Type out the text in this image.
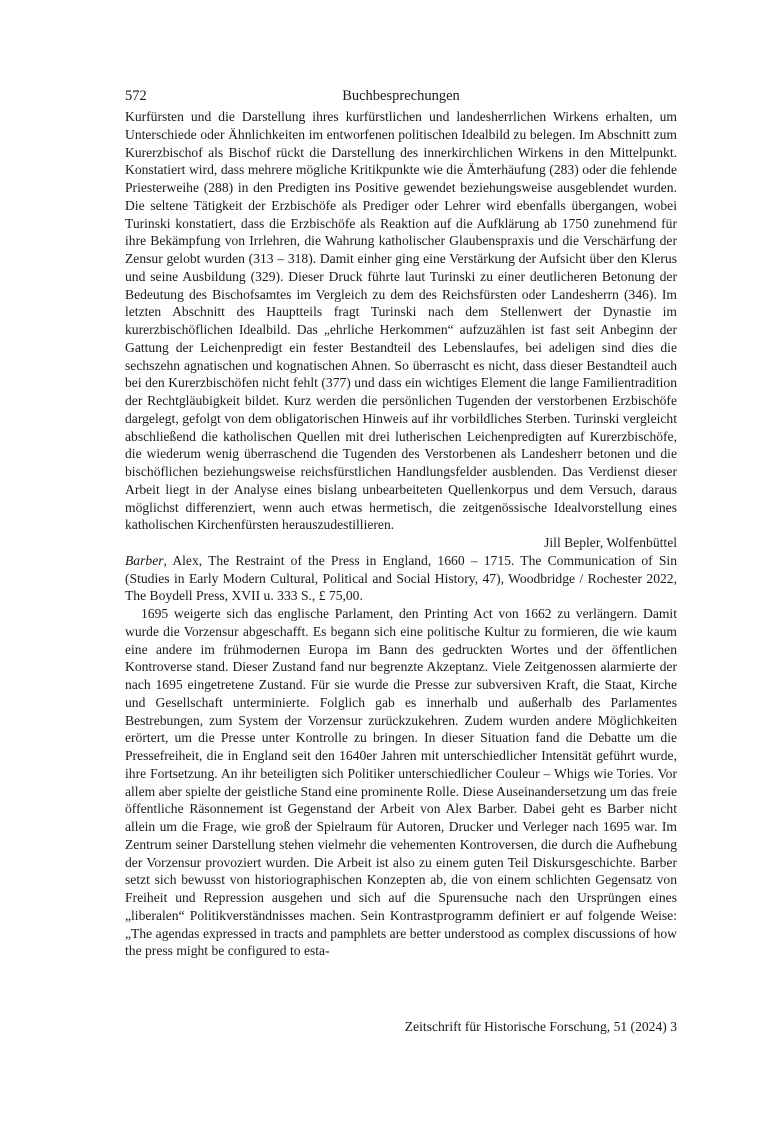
572	Buchbesprechungen

Kurfürsten und die Darstellung ihres kurfürstlichen und landesherrlichen Wirkens erhalten, um Unterschiede oder Ähnlichkeiten im entworfenen politischen Idealbild zu belegen. Im Abschnitt zum Kurerzbischof als Bischof rückt die Darstellung des innerkirchlichen Wirkens in den Mittelpunkt. Konstatiert wird, dass mehrere mögliche Kritikpunkte wie die Ämterhäufung (283) oder die fehlende Priesterweihe (288) in den Predigten ins Positive gewendet beziehungsweise ausgeblendet wurden. Die seltene Tätigkeit der Erzbischöfe als Prediger oder Lehrer wird ebenfalls übergangen, wobei Turinski konstatiert, dass die Erzbischöfe als Reaktion auf die Aufklärung ab 1750 zunehmend für ihre Bekämpfung von Irrlehren, die Wahrung katholischer Glaubenspraxis und die Verschärfung der Zensur gelobt wurden (313 – 318). Damit einher ging eine Verstärkung der Aufsicht über den Klerus und seine Ausbildung (329). Dieser Druck führte laut Turinski zu einer deutlicheren Betonung der Bedeutung des Bischofsamtes im Vergleich zu dem des Reichsfürsten oder Landesherrn (346). Im letzten Abschnitt des Hauptteils fragt Turinski nach dem Stellenwert der Dynastie im kurerzbischöflichen Idealbild. Das „ehrliche Herkommen“ aufzuzählen ist fast seit Anbeginn der Gattung der Leichenpredigt ein fester Bestandteil des Lebenslaufes, bei adeligen sind dies die sechszehn agnatischen und kognatischen Ahnen. So überrascht es nicht, dass dieser Bestandteil auch bei den Kurerzbischöfen nicht fehlt (377) und dass ein wichtiges Element die lange Familientradition der Rechtgläubigkeit bildet. Kurz werden die persönlichen Tugenden der verstorbenen Erzbischöfe dargelegt, gefolgt von dem obligatorischen Hinweis auf ihr vorbildliches Sterben. Turinski vergleicht abschließend die katholischen Quellen mit drei lutherischen Leichenpredigten auf Kurerzbischöfe, die wiederum wenig überraschend die Tugenden des Verstorbenen als Landesherr betonen und die bischöflichen beziehungsweise reichsfürstlichen Handlungsfelder ausblenden. Das Verdienst dieser Arbeit liegt in der Analyse eines bislang unbearbeiteten Quellenkorpus und dem Versuch, daraus möglichst differenziert, wenn auch etwas hermetisch, die zeitgenössische Idealvorstellung eines katholischen Kirchenfürsten herauszudestillieren.

Jill Bepler, Wolfenbüttel

Barber, Alex, The Restraint of the Press in England, 1660 – 1715. The Communication of Sin (Studies in Early Modern Cultural, Political and Social History, 47), Woodbridge / Rochester 2022, The Boydell Press, XVII u. 333 S., £ 75,00.

1695 weigerte sich das englische Parlament, den Printing Act von 1662 zu verlängern. Damit wurde die Vorzensur abgeschafft. Es begann sich eine politische Kultur zu formieren, die wie kaum eine andere im frühmodernen Europa im Bann des gedruckten Wortes und der öffentlichen Kontroverse stand. Dieser Zustand fand nur begrenzte Akzeptanz. Viele Zeitgenossen alarmierte der nach 1695 eingetretene Zustand. Für sie wurde die Presse zur subversiven Kraft, die Staat, Kirche und Gesellschaft unterminierte. Folglich gab es innerhalb und außerhalb des Parlamentes Bestrebungen, zum System der Vorzensur zurückzukehren. Zudem wurden andere Möglichkeiten erörtert, um die Presse unter Kontrolle zu bringen. In dieser Situation fand die Debatte um die Pressefreiheit, die in England seit den 1640er Jahren mit unterschiedlicher Intensität geführt wurde, ihre Fortsetzung. An ihr beteiligten sich Politiker unterschiedlicher Couleur – Whigs wie Tories. Vor allem aber spielte der geistliche Stand eine prominente Rolle. Diese Auseinandersetzung um das freie öffentliche Räsonnement ist Gegenstand der Arbeit von Alex Barber. Dabei geht es Barber nicht allein um die Frage, wie groß der Spielraum für Autoren, Drucker und Verleger nach 1695 war. Im Zentrum seiner Darstellung stehen vielmehr die vehementen Kontroversen, die durch die Aufhebung der Vorzensur provoziert wurden. Die Arbeit ist also zu einem guten Teil Diskursgeschichte. Barber setzt sich bewusst von historiographischen Konzepten ab, die von einem schlichten Gegensatz von Freiheit und Repression ausgehen und sich auf die Spurensuche nach den Ursprüngen eines „liberalen“ Politikverständnisses machen. Sein Kontrastprogramm definiert er auf folgende Weise: „The agendas expressed in tracts and pamphlets are better understood as complex discussions of how the press might be configured to esta-

Zeitschrift für Historische Forschung, 51 (2024) 3
